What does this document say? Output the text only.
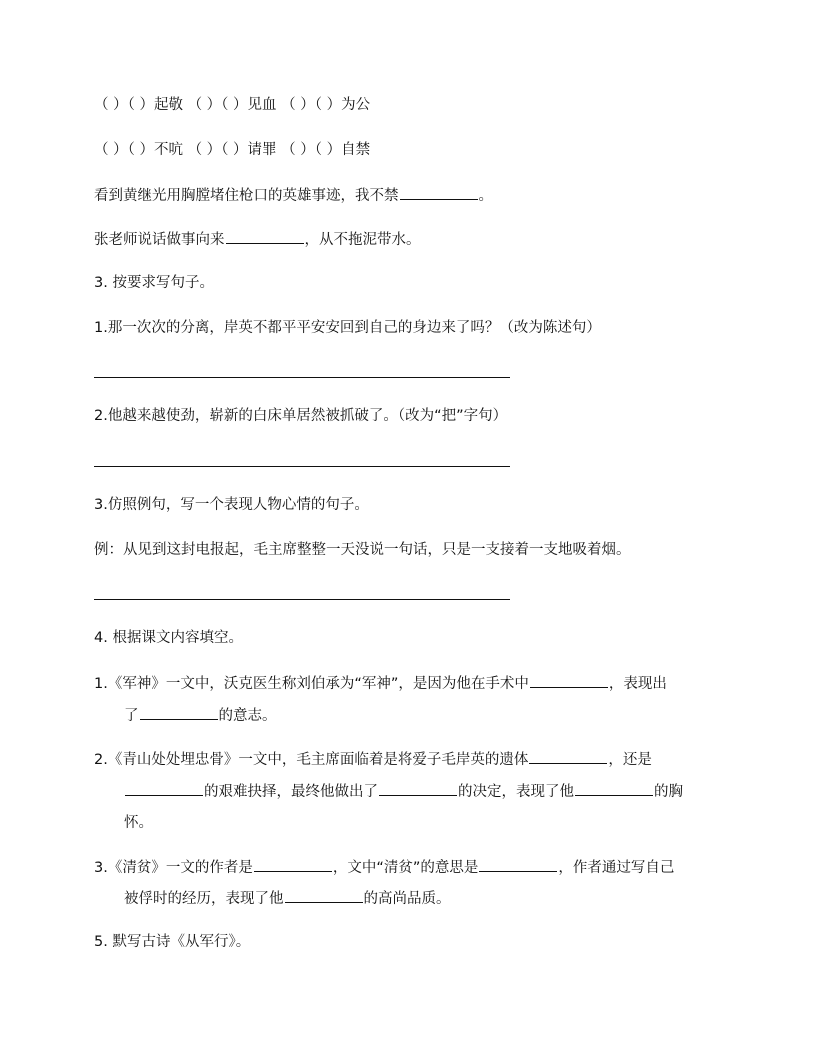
（ ）（ ）起敬 （ ）（ ）见血 （ ）（ ）为公
（ ）（ ）不吭 （ ）（ ）请罪 （ ）（ ）自禁
看到黄继光用胸膛堵住枪口的英雄事迹，我不禁	。
张老师说话做事向来	，从不拖泥带水。
3. 按要求写句子。
1.那一次次的分离，岸英不都平平安安回到自己的身边来了吗？（改为陈述句）
2.他越来越使劲，崭新的白床单居然被抓破了。（改为“把”字句）
3.仿照例句，写一个表现人物心情的句子。
例：从见到这封电报起，毛主席整整一天没说一句话，只是一支接着一支地吸着烟。
4. 根据课文内容填空。
1.《军神》一文中，沃克医生称刘伯承为“军神”，是因为他在手术中	，表现出
了	的意志。
2.《青山处处埋忠骨》一文中，毛主席面临着是将爱子毛岸英的遗体	，还是
的艰难抉择，最终他做出了	的决定，表现了他	的胸
怀。
3.《清贫》一文的作者是	，文中“清贫”的意思是	，作者通过写自己
被俘时的经历，表现了他	的高尚品质。
5. 默写古诗《从军行》。
